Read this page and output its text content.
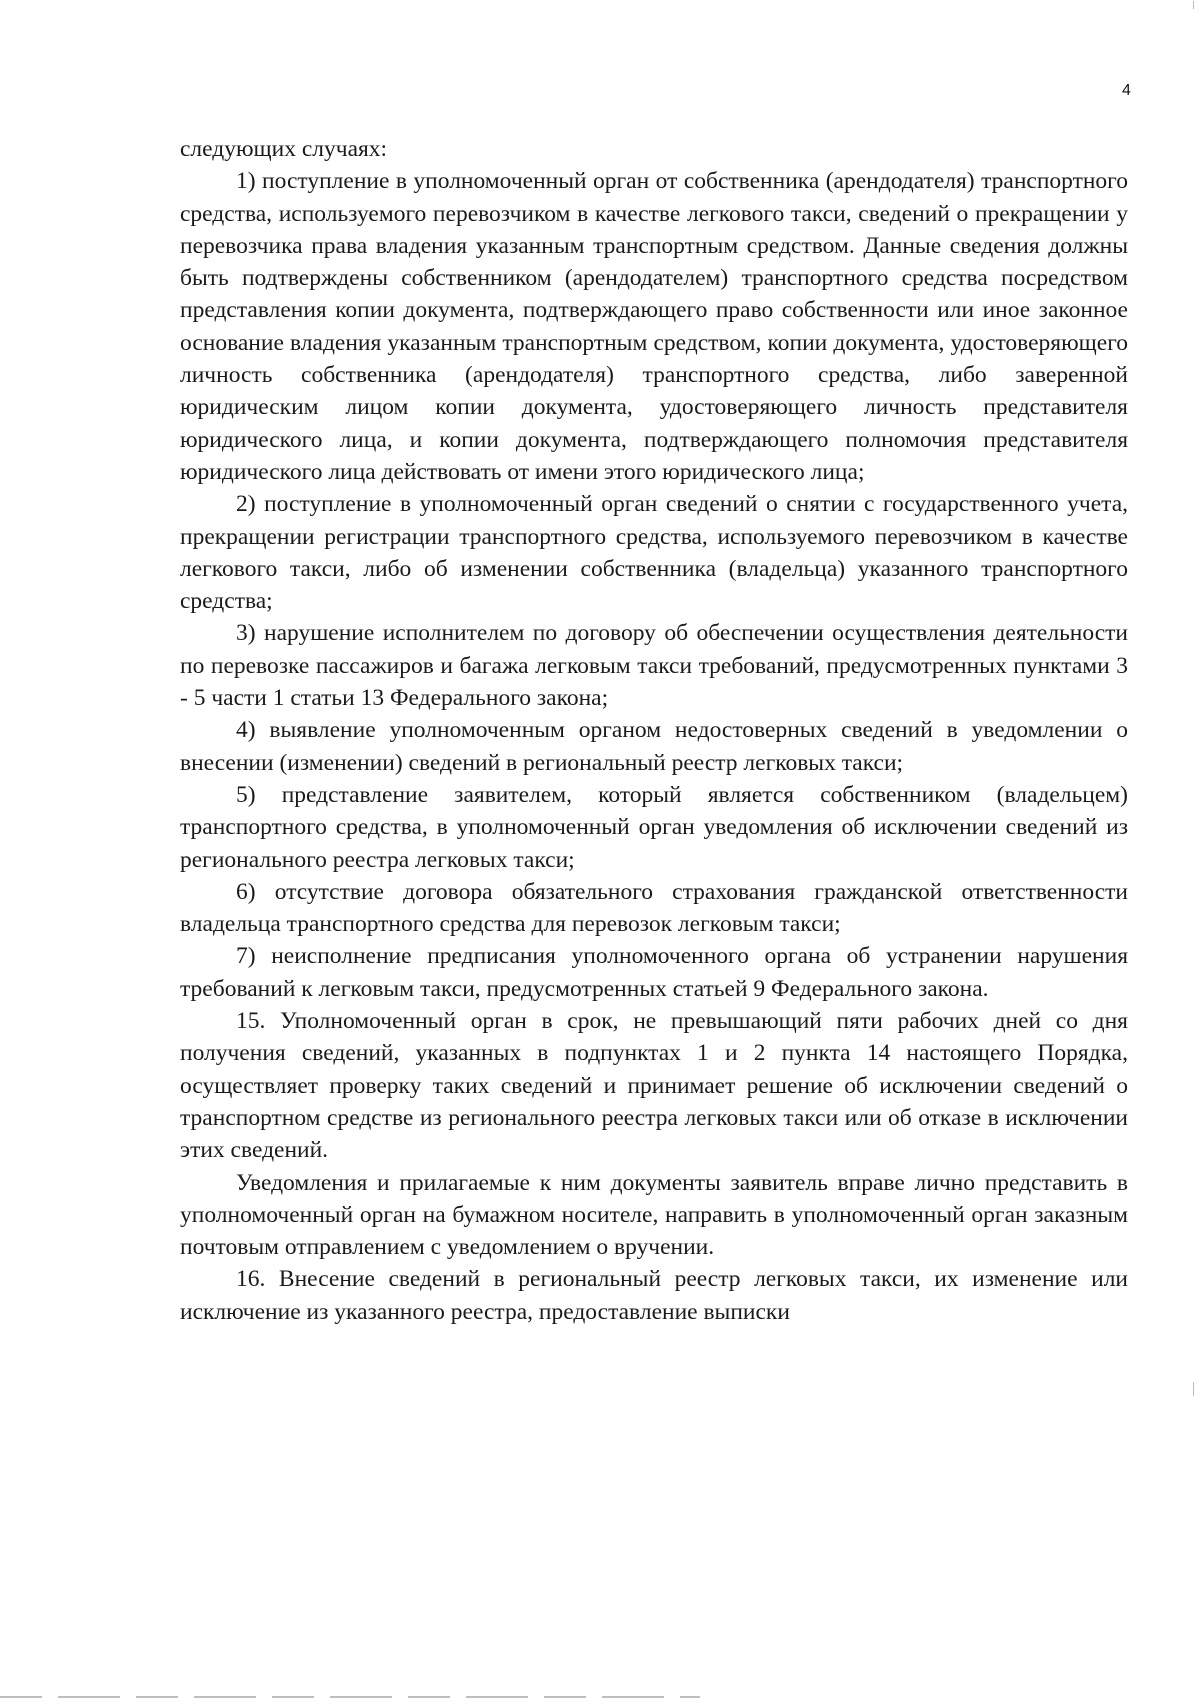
4

следующих случаях:

1) поступление в уполномоченный орган от собственника (арендодателя) транспортного средства, используемого перевозчиком в качестве легкового такси, сведений о прекращении у перевозчика права владения указанным транспортным средством. Данные сведения должны быть подтверждены собственником (арендодателем) транспортного средства посредством представления копии документа, подтверждающего право собственности или иное законное основание владения указанным транспортным средством, копии документа, удостоверяющего личность собственника (арендодателя) транспортного средства, либо заверенной юридическим лицом копии документа, удостоверяющего личность представителя юридического лица, и копии документа, подтверждающего полномочия представителя юридического лица действовать от имени этого юридического лица;

2) поступление в уполномоченный орган сведений о снятии с государственного учета, прекращении регистрации транспортного средства, используемого перевозчиком в качестве легкового такси, либо об изменении собственника (владельца) указанного транспортного средства;

3) нарушение исполнителем по договору об обеспечении осуществления деятельности по перевозке пассажиров и багажа легковым такси требований, предусмотренных пунктами 3 - 5 части 1 статьи 13 Федерального закона;

4) выявление уполномоченным органом недостоверных сведений в уведомлении о внесении (изменении) сведений в региональный реестр легковых такси;

5) представление заявителем, который является собственником (владельцем) транспортного средства, в уполномоченный орган уведомления об исключении сведений из регионального реестра легковых такси;

6) отсутствие договора обязательного страхования гражданской ответственности владельца транспортного средства для перевозок легковым такси;

7) неисполнение предписания уполномоченного органа об устранении нарушения требований к легковым такси, предусмотренных статьей 9 Федерального закона.

15. Уполномоченный орган в срок, не превышающий пяти рабочих дней со дня получения сведений, указанных в подпунктах 1 и 2 пункта 14 настоящего Порядка, осуществляет проверку таких сведений и принимает решение об исключении сведений о транспортном средстве из регионального реестра легковых такси или об отказе в исключении этих сведений.

Уведомления и прилагаемые к ним документы заявитель вправе лично представить в уполномоченный орган на бумажном носителе, направить в уполномоченный орган заказным почтовым отправлением с уведомлением о вручении.

16. Внесение сведений в региональный реестр легковых такси, их изменение или исключение из указанного реестра, предоставление выписки
